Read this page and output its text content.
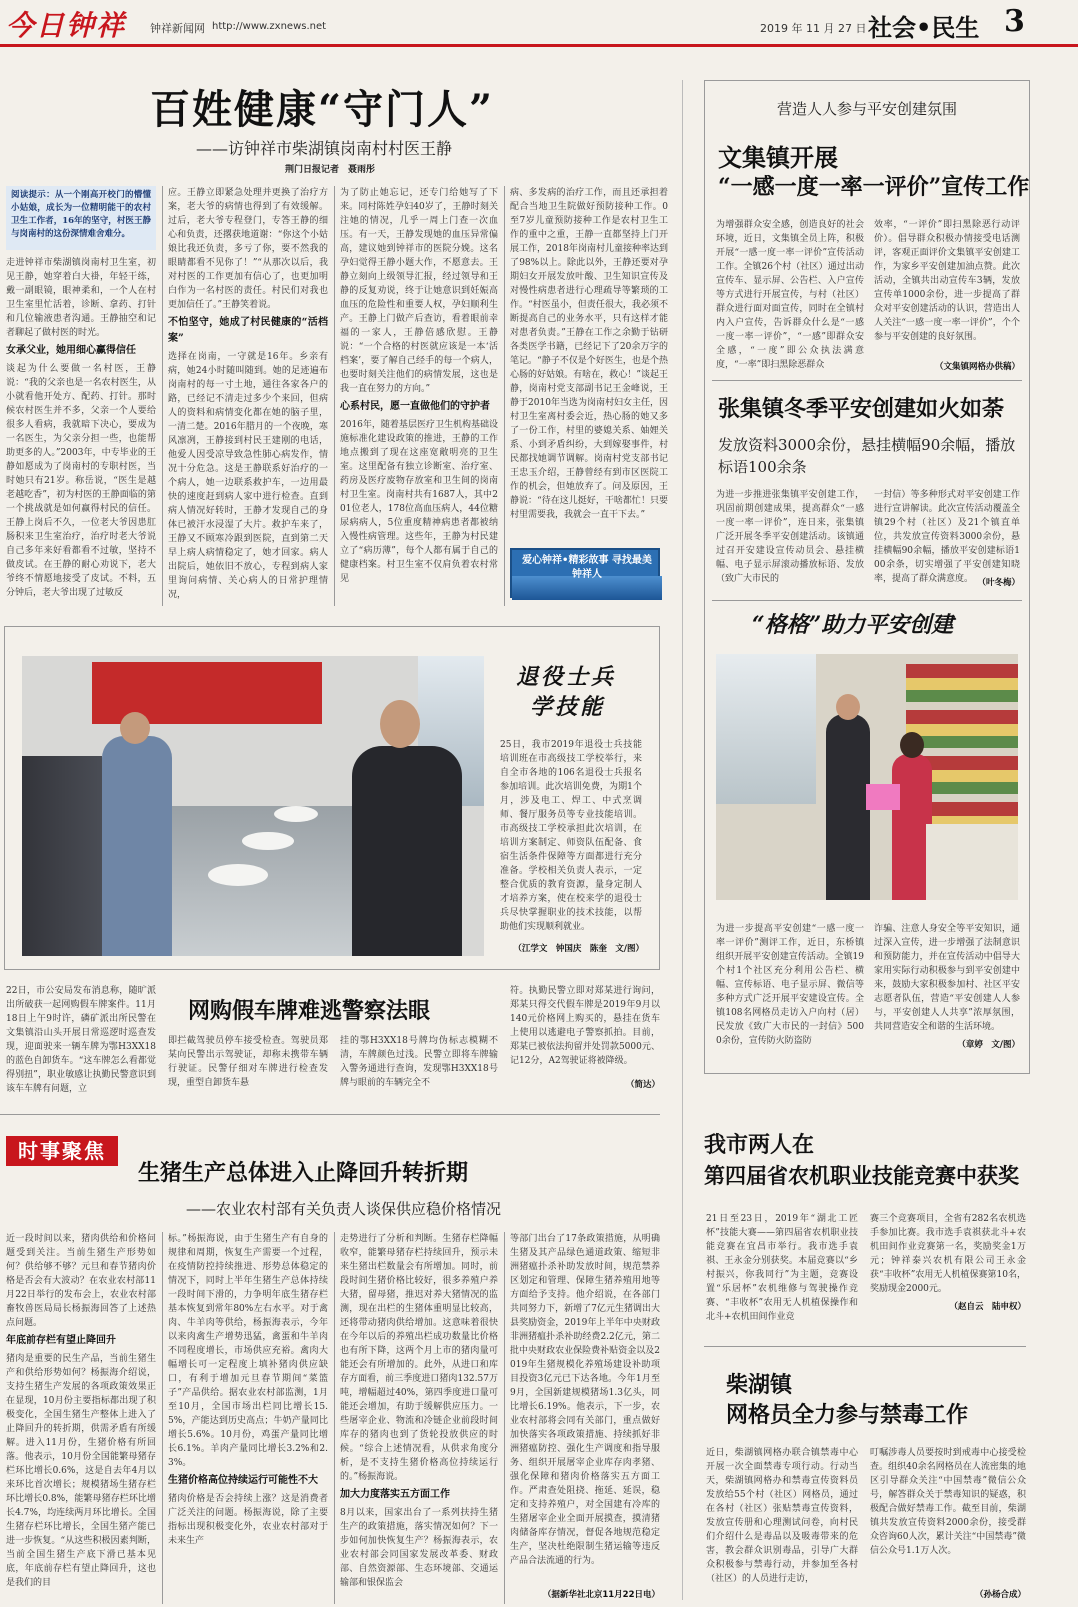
今日钟祥 钟祥新闻网 http://www.zxnews.net	2019 年 11 月 27 日 社会•民生 3
百姓健康“守门人”
——访钟祥市柴湖镇岗南村村医王静
荆门日报记者　聂雨彤
阅读提示：从一个刚高开校门的懵懂小姑娘，成长为一位精明能干的农村卫生工作者，16年的坚守，村医王静与岗南村的这份深情难舍难分。
走进钟祥市柴湖镇岗南村卫生室，初见王静，她穿着白大褂，年轻干练，戴一副眼镜，眼神柔和，一个人在村卫生室里忙活着，诊断、拿药、打针和几位输液患者沟通。王静抽空和记者聊起了做村医的时光。
女承父业，她用细心赢得信任
谈起为什么要做一名村医，王静说：“我的父亲也是一名农村医生，从小就看他开处方、配药、打针。那时候农村医生并不多，父亲一个人要给很多人看病，我就暗下决心，要成为一名医生，为父亲分担一些，也能帮助更多的人。”2003年，中专毕业的王静如愿成为了岗南村的专职村医，当时她只有21岁。称岳说，“医生是越老越吃香”，初为村医的王静面临的第一个挑战就是如何赢得村民的信任。王静上岗后不久，一位老大爷因患肛肠积来卫生室治疗，治疗时老大爷说自己多年来好看都看不过敏，坚持不做皮试。在王静的耐心劝说下，老大爷终不情愿地接受了皮试。不料，五分钟后，老大爷出现了过敏反
应。王静立即紧急处理并更换了治疗方案，老大爷的病情也得到了有效缓解。过后，老大爷专程登门，专答王静的细心和负责，还撂获地道谢：“你这个小姑娘比我还负责，多亏了你，要不然我的眼睛都看不见你了！”“从那次以后，我对村医的工作更加有信心了，也更加明白作为一名村医的责任。村民们对我也更加信任了。”王静笑着说。
不怕坚守，她成了村民健康的“活档案”
选择在岗南，一守就是16年。乡亲有病，她24小时随叫随到。她的足迹遍布岗南村的每一寸土地，通往各家各户的路，已经记不清走过多少个来回，但病人的资料和病情变化都在她的脑子里，一清二楚。2016年腊月的一个夜晚，寒风凛冽，王静接到村民王建刚的电话，他爱人因受凉导致急性肺心病发作，情况十分危急。这是王静联系好治疗的一个病人，她一边联系救护车，一边用最快的速度赶到病人家中进行检查。直到病人情况好转时，王静才发现自己的身体已被汗水浸湿了大片。救护车来了，王静又不顾寒冷跟到医院，直到第二天早上病人病情稳定了，她才回家。病人出院后，她依旧不放心，专程到病人家里询问病情、关心病人的日常护理情况，
为了防止她忘记，还专门给她写了下来。同村陈姓孕妇40岁了，王静时刻关注她的情况，几乎一周上门查一次血压。有一天，王静发现她的血压异常偏高，建议她到钟祥市的医院分娩。这名孕妇觉得王静小题大作，不愿意去。王静立刻向上级领导汇报，经过领导和王静的反复劝说，终于让她意识到妊娠高血压的危险性和重要人权，孕妇顺利生产。王静上门做产后查访，看着眼前幸福的一家人，王静倍感欣慰。王静说：“一个合格的村医就应该是一本‘活档案’，要了解自己经手的每一个病人，也要时刻关注他们的病情发展，这也是我一直在努力的方向。”
心系村民，愿一直做他们的守护者
2016年，随着基层医疗卫生机构基础设施标准化建设政策的推进，王静的工作地点搬到了现在这座宽敞明亮的卫生室。这里配备有独立诊断室、治疗室、药房及医疗废物存放室和卫生间的岗南村卫生室。岗南村共有1687人，其中201位老人，178位高血压病人，44位糖尿病病人，5位重度精神病患者都被纳入慢性病管理。这些年，王静为村民建立了“病历薄”，每个人都有属于自己的健康档案。村卫生室不仅肩负着农村常见
病、多发病的治疗工作，而且还承担着配合当地卫生院做好预防接种工作。0至7岁儿童预防接种工作是农村卫生工作的重中之重，王静一直都坚持上门开展工作，2018年岗南村儿童接种率达到了98%以上。除此以外，王静还要对孕期妇女开展发放叶酸、卫生知识宣传及对慢性病患者进行心理疏导等繁琐的工作。“村医虽小，但责任很大，我必须不断提高自己的业务水平，只有这样才能对患者负责。”王静在工作之余勤于钻研各类医学书籍，已经记下了20余万字的笔记。“静子不仅是个好医生，也是个热心肠的好姑娘。有啥在，救心！”谈起王静，岗南村党支部副书记王金峰说，王静于2010年当选为岗南村妇女主任，因村卫生室离村委会近，热心肠的她又多了一份工作，村里的婆媳关系、妯娌关系、小到矛盾纠纷，大到嫁娶事件，村民都找她调节调解。岗南村党支部书记王忠玉介绍，王静曾经有到市区医院工作的机会，但她放弃了。问及原因，王静说：“待在这儿挺好，干啥都忙！只要村里需要我，我就会一直干下去。”
爱心钟祥•精彩故事 寻找最美钟祥人
营造人人参与平安创建氛围
文集镇开展
“一感一度一率一评价”宣传工作
为增强群众安全感，创造良好的社会环境，近日，文集镇全员上阵，积极开展“一感一度一率一评价”宣传活动工作。全镇26个村（社区）通过出动宣传车、显示屏、公告栏、入户宣传等方式进行开展宣传，与村（社区）群众进行面对面宣传，同时在全镇村内入户宣传，告诉群众什么是“一感一度一率一评价”，“一感”即群众安全感，“一度”即公众执法满意度，“一率”即扫黑除恶群众
效率，“一评价”即扫黑除恶行动评价）。倡导群众积极办情接受电话测评，客观正面评价文集镇平安创建工作，为家乡平安创建加油点赞。此次活动，全镇共出动宣传车3辆，发放宣传单1000余份，进一步提高了群众对平安创建活动的认识，营造出人人关注“一感一度一率一评价”，个个参与平安创建的良好氛围。
（文集镇网格办供稿）
张集镇冬季平安创建如火如荼
发放资料3000余份，悬挂横幅90余幅，播放标语100余条
为进一步推进张集镇平安创建工作，巩固前期创建成果，提高群众“一感一度一率一评价”，连日来，张集镇广泛开展冬季平安创建活动。该镇通过召开安建设宣传动员会、悬挂横幅、电子显示屏滚动播放标语、发放（致广大市民的
一封信）等多种形式对平安创建工作进行宣讲解读。此次宣传活动覆盖全镇29个村（社区）及21个镇直单位，共发放宣传资料3000余份，悬挂横幅90余幅，播放平安创建标语100余条，切实增强了平安创建知晓率，提高了群众满意度。 （叶冬梅）
“格格”助力平安创建
为进一步提高平安创建“一感一度一率一评价”测评工作，近日，东桥镇组织开展平安创建宣传活动。全镇19个村1个社区充分利用公告栏、横幅、宣传标语、电子显示屏、微信等多种方式广泛开展平安建设宣传。全镇108名网格员走访入户向村（居）民发放《致广大市民的一封信》5000余份，宣传防火防盗防
诈骗、注意人身安全等平安知识，通过深入宣传，进一步增强了法制意识和预防能力，并在宣传活动中倡导大家用实际行动积极参与到平安创建中来，鼓励大家积极参加村、社区平安志愿者队伍，营造“平安创建人人参与，平安创建人人共享”浓厚氛围，共同营造安全和谐的生活环境。
（章婷　文/图）
退役士兵
学技能
25日，我市2019年退役士兵技能培训班在市高级技工学校举行，来自全市各地的106名退役士兵报名参加培训。此次培训免费，为期1个月，涉及电工、焊工、中式烹调师、餐厅服务员等专业技能培训。市高级技工学校承担此次培训，在培训方案制定、师资队伍配备、食宿生活条件保障等方面都进行充分准备。学校相关负责人表示，一定整合优质的教育资源，量身定制人才培养方案，使在校来学的退役士兵尽快掌握职业的技术技能，以帮助他们实现顺利就业。
（江学文　钟国庆　陈奎　文/图）
网购假车牌难逃警察法眼
22日，市公安局发布消息称，随旷派出所破获一起网购假车牌案件。11月18日上午9时许，磷矿派出所民警在文集镇沿山头开展日常巡逻时巡查发现，迎面驶来一辆车牌为鄂H3XX18的蓝色自卸货车。“这车牌怎么看都觉得别扭”，职业敏感让执勤民警意识到该车车牌有问题，立
即拦截驾驶员停车接受检查。驾驶员郑某向民警出示驾驶证，却称未携带车辆行驶证。民警仔细对车牌进行检查发现，重型自卸货车悬
挂的鄂H3XX18号牌均伪标志模糊不清，车牌颜色过浅。民警立即将车牌输入警务通进行查询，发现鄂H3XX18号牌与眼前的车辆完全不
符。执勤民警立即对郑某进行询问，郑某只得交代假车牌是2019年9月以140元价格网上购买的，悬挂在货车上使用以逃避电子警察抓拍。目前，郑某已被依法拘留并处罚款5000元、记12分，A2驾驶证将被降级。
（简达）
时事聚焦
生猪生产总体进入止降回升转折期
——农业农村部有关负责人谈保供应稳价格情况
近一段时间以来，猪肉供给和价格问题受到关注。当前生猪生产形势如何？供给够不够？元旦和春节猪肉价格是否会有大波动？在农业农村部11月22日举行的发布会上，农业农村部畜牧兽医局局长杨振海回答了上述热点问题。
年底前存栏有望止降回升
猪肉是重要的民生产品，当前生猪生产和供给形势如何？杨振海介绍说，支持生猪生产发展的各项政策效果正在显现，10月份主要指标都出现了积极变化，全国生猪生产整体上进入了止降回升的转折期，供需矛盾有所缓解。进入11月份，生猪价格有所回落。他表示，10月份全国能繁母猪存栏环比增长0.6%，这是自去年4月以来环比首次增长；规模猪场生猪存栏环比增长0.8%，能繁母猪存栏环比增长4.7%，均连续两月环比增长。全国生猪存栏环比增长，全国生猪产能已进一步恢复。“从这些积极因素判断，当前全国生猪生产底下滑已基本见底，年底前存栏有望止降回升，这也是我们的目
标。”杨振海说，由于生猪生产有自身的规律和周期，恢复生产需要一个过程，在疫情防控持续推进、形势总体稳定的情况下，同时上半年生猪生产总体持续一段时间下滑的，力争明年底生猪存栏基本恢复到常年80%左右水平。对于禽肉、牛羊肉等供给，杨振海表示，今年以来肉禽生产增势迅猛，禽蛋和牛羊肉不同程度增长，市场供应充裕。禽肉大幅增长可一定程度上填补猪肉供应缺口，有利于增加元旦春节期间“菜篮子”产品供给。据农业农村部监测，1月至10月，全国市场出栏同比增长15.5%，产能达到历史高点；牛奶产量同比增长5.6%。10月份，鸡蛋产量同比增长6.1%。羊肉产量同比增长3.2%和2.3%。
生猪价格高位持续运行可能性不大
猪肉价格是否会持续上涨？这是消费者广泛关注的问题。杨振海说，除了主要指标出现积极变化外，农业农村部对于未来生产
走势进行了分析和判断。生猪存栏降幅收窄，能繁母猪存栏持续回升，预示未来生猪出栏数量会有所增加。同时，前段时间生猪价格比较好，很多养殖户养大猪，留母猪，推迟对养大猪情况的监测，现在出栏的生猪体重明显比较高，还将带动猪肉供给增加。这意味着很快在今年以后的养殖出栏成功数量比价格也有所下降，这两个月上市的猪肉量可能还会有所增加的。此外，从进口和库存方面看，前三季度进口猪肉132.57万吨，增幅超过40%，第四季度进口量可能还会增加，有助于缓解供应压力。一些屠宰企业、物流和冷链企业前段时间库存的猪肉也到了货轮投放供应的时候。“综合上述情况看，从供求角度分析，是不支持生猪价格高位持续运行的。”杨振海说。
加大力度落实五方面工作
8月以来，国家出台了一系列扶持生猪生产的政策措施，落实情况如何？下一步如何加快恢复生产？杨振海表示，农业农村部会同国家发展改革委、财政部、自然资源部、生态环境部、交通运输部和银保监会
等部门出台了17条政策措施，从明确生猪及其产品绿色通道政策、缩短非洲猪瘟扑杀补助发放时间，规范禁养区划定和管理、保障生猪养殖用地等方面给予支持。他介绍说，在各部门共同努力下，新增了7亿元生猪调出大县奖励资金，2019年上半年中央财政非洲猪瘟扑杀补助经费2.2亿元，第二批中央财政农业保险费补贴资金以及2019年生猪规模化养殖场建设补助项目投资3亿元已下达各地。今年1月至9月，全国新建规模猪场1.3亿头，同比增长6.19%。他表示，下一步，农业农村部将会同有关部门，重点做好加快落实各项政策措施、持续抓好非洲猪瘟防控、强化生产调度和指导服务、组织开展屠宰企业库存肉孝猪、强化保障和猪肉价格落实五方面工作。严肃查处阻挠、拖延、延误，稳定和支持养殖户，对全国建有冷库的生猪屠宰企业全面开展摸查，摸清猪肉储备库存情况，督促各地规范稳定生产，坚决杜绝限制生猪运输等违反产品合法流通的行为。
（据新华社北京11月22日电）
我市两人在
第四届省农机职业技能竞赛中获奖
21日至23日，2019年“湖北工匠杯”技能大赛——第四届省农机职业技能竞赛在宜昌市举行。我市选手袁祺、王永金分别获奖。本届竞赛以“乡村振兴，你我同行”为主题，竞赛设置“乐居杯”农机维修与驾驶操作竞赛、“丰收杯”农用无人机植保操作和北斗+农机田间作业竞
赛三个竞赛项目，全省有282名农机选手参加比赛。我市选手袁祺获北斗+农机田间作业竞赛第一名，奖励奖金1万元；钟祥泰兴农机有限公司王永金获“丰收杯”农用无人机植保赛第10名，奖励现金2000元。
（赵自云　陆申权）
柴湖镇
网格员全力参与禁毒工作
近日，柴湖镇网格办联合镇禁毒中心开展一次全面禁毒专项行动。行动当天，柴湖镇网格办和禁毒宣传资料员发放给55个村（社区）网格员，通过在各村（社区）张贴禁毒宣传资料，发放宣传册和心理测试问卷，向村民们介绍什么是毒品以及吸毒带来的危害，教会群众识别毒品，引导广大群众积极参与禁毒行动，并参加至各村（社区）的人员进行走访，
叮嘱涉毒人员要按时到戒毒中心接受检查。组织40余名网格员在人流密集的地区引导群众关注“中国禁毒”微信公众号，解答群众关于禁毒知识的疑惑，积极配合做好禁毒工作。截至目前，柴湖镇共发放宣传资料2000余份，接受群众咨询60人次，累计关注“中国禁毒”微信公众号1.1万人次。
（孙杨合成）
